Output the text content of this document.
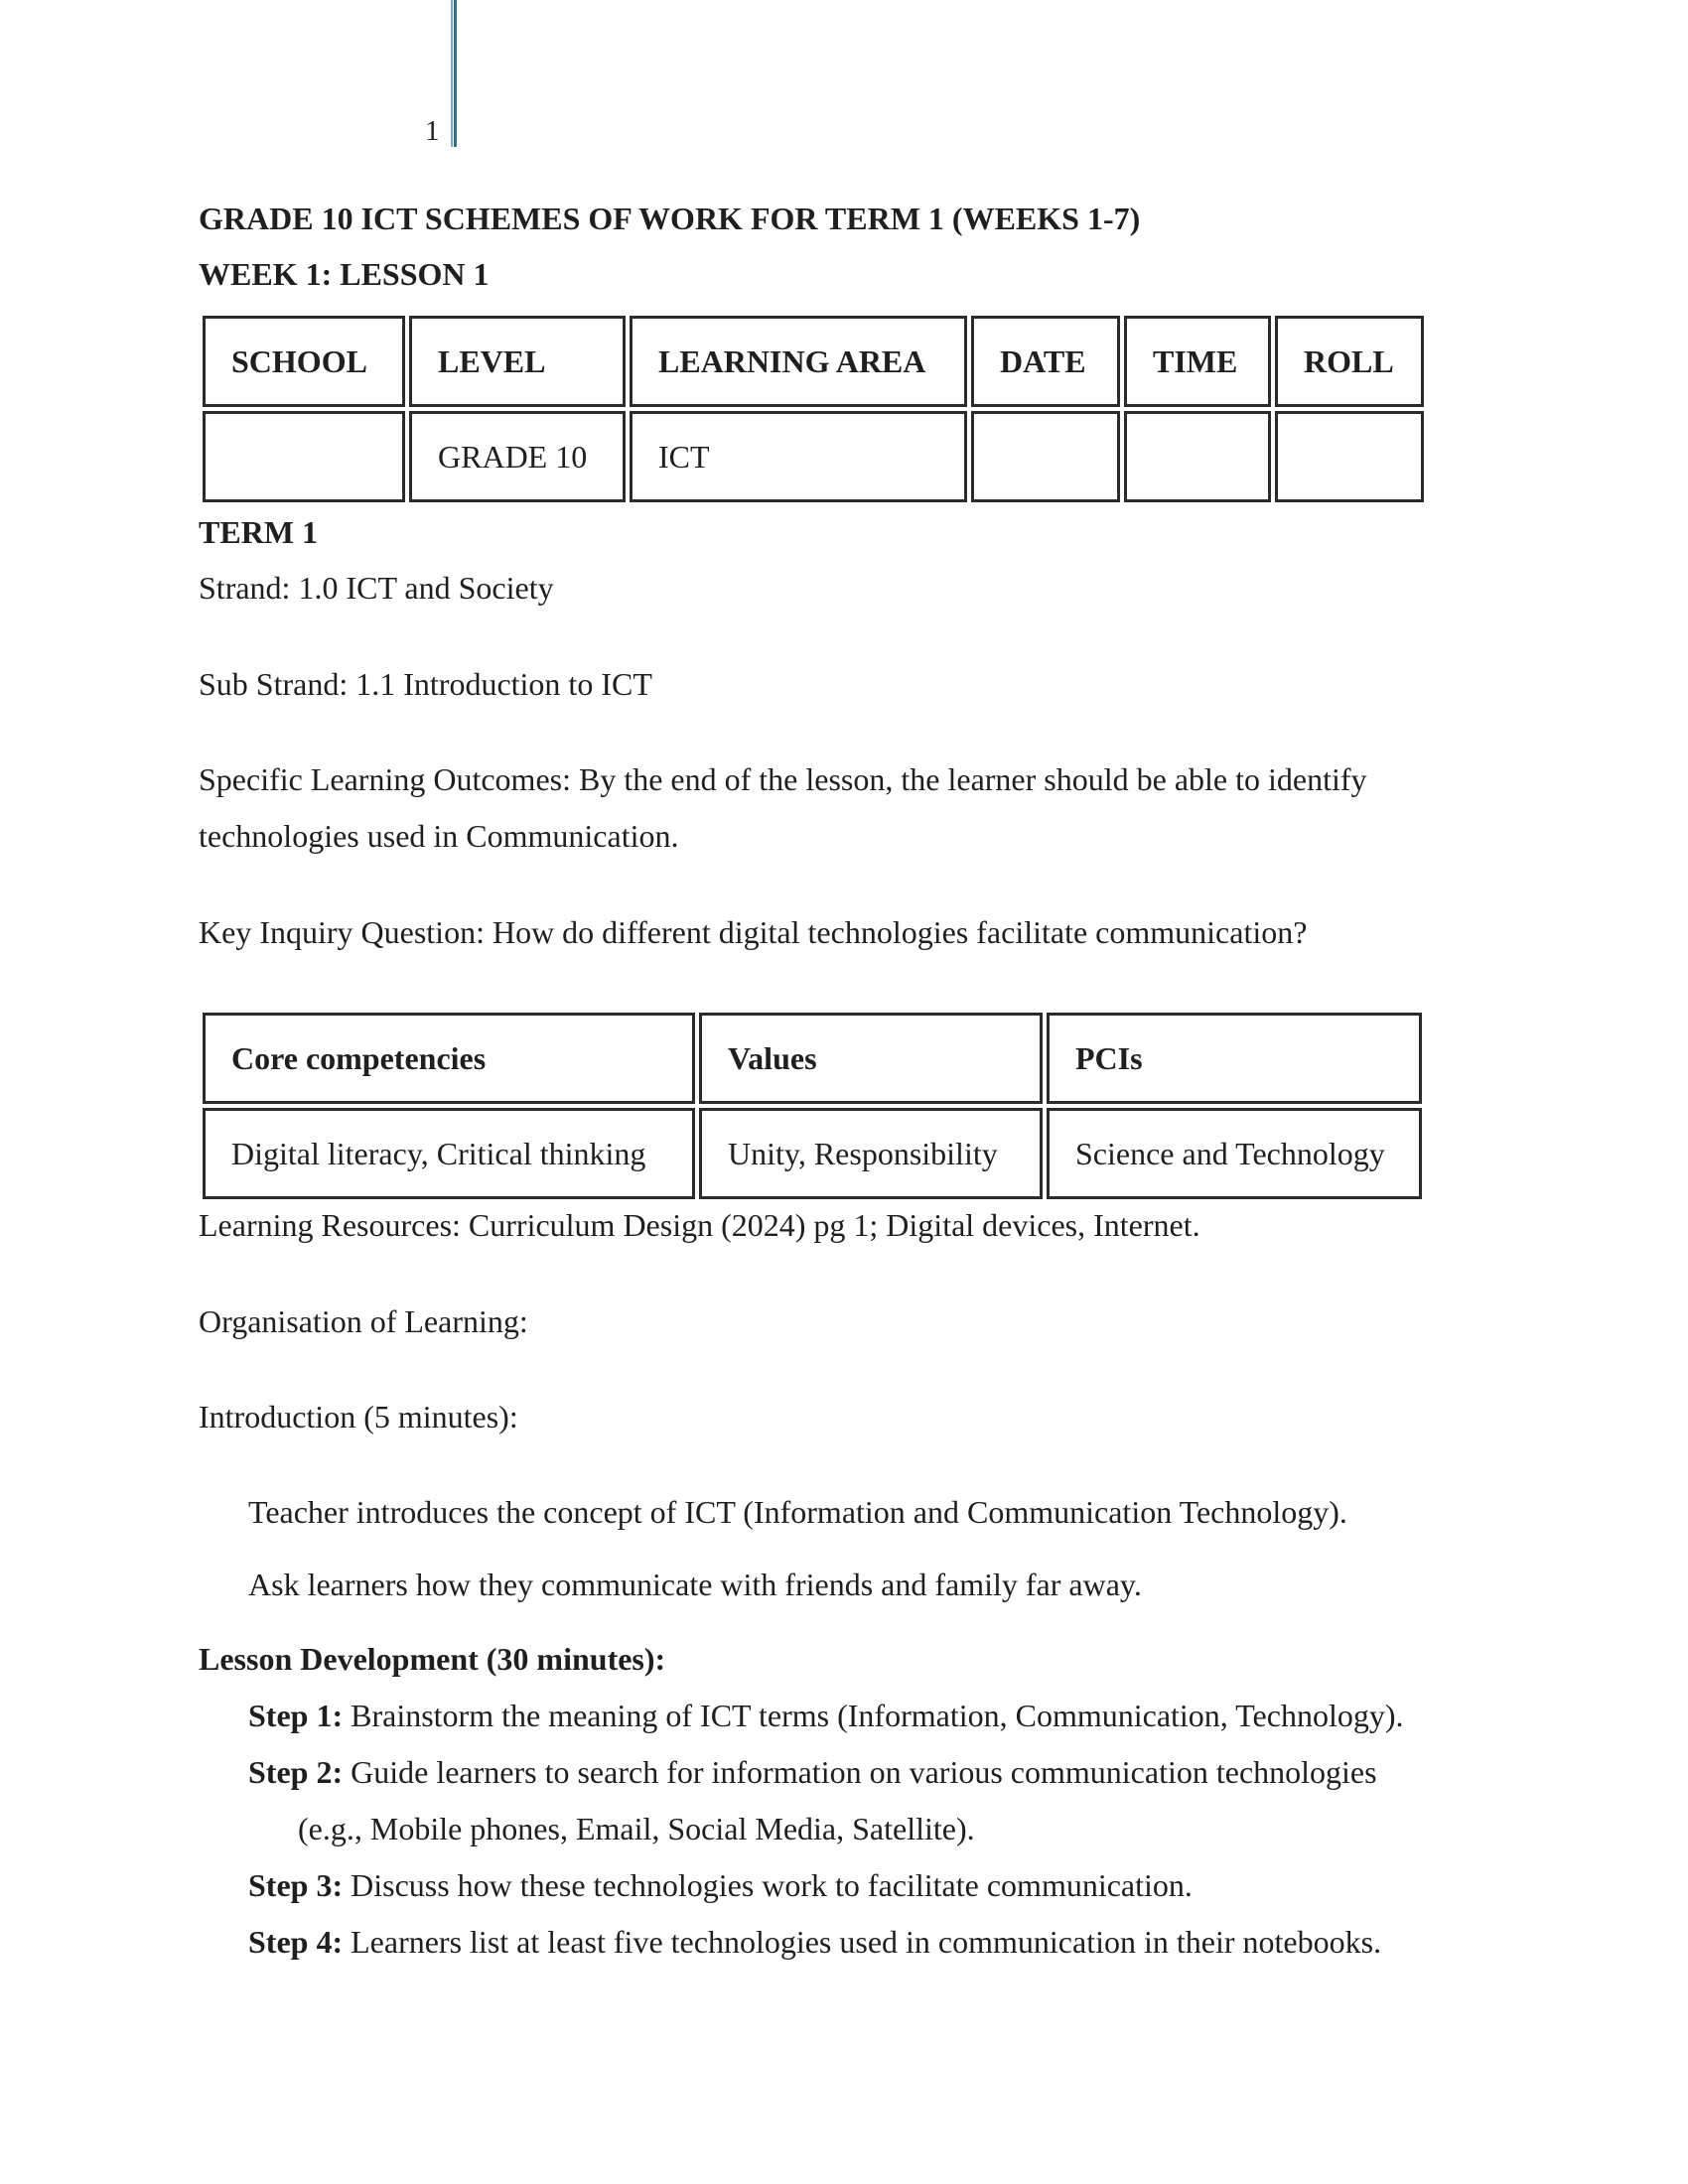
1
GRADE 10 ICT SCHEMES OF WORK FOR TERM 1 (WEEKS 1-7)
WEEK 1: LESSON 1
SCHOOL	LEVEL	LEARNING AREA	DATE	TIME	ROLL
	GRADE 10	ICT			
TERM 1
Strand: 1.0 ICT and Society
Sub Strand: 1.1 Introduction to ICT
Specific Learning Outcomes: By the end of the lesson, the learner should be able to identify
technologies used in Communication.
Key Inquiry Question: How do different digital technologies facilitate communication?
Core competencies	Values	PCIs
Digital literacy, Critical thinking	Unity, Responsibility	Science and Technology
Learning Resources: Curriculum Design (2024) pg 1; Digital devices, Internet.
Organisation of Learning:
Introduction (5 minutes):
Teacher introduces the concept of ICT (Information and Communication Technology).
Ask learners how they communicate with friends and family far away.
Lesson Development (30 minutes):
Step 1: Brainstorm the meaning of ICT terms (Information, Communication, Technology).
Step 2: Guide learners to search for information on various communication technologies
(e.g., Mobile phones, Email, Social Media, Satellite).
Step 3: Discuss how these technologies work to facilitate communication.
Step 4: Learners list at least five technologies used in communication in their notebooks.
